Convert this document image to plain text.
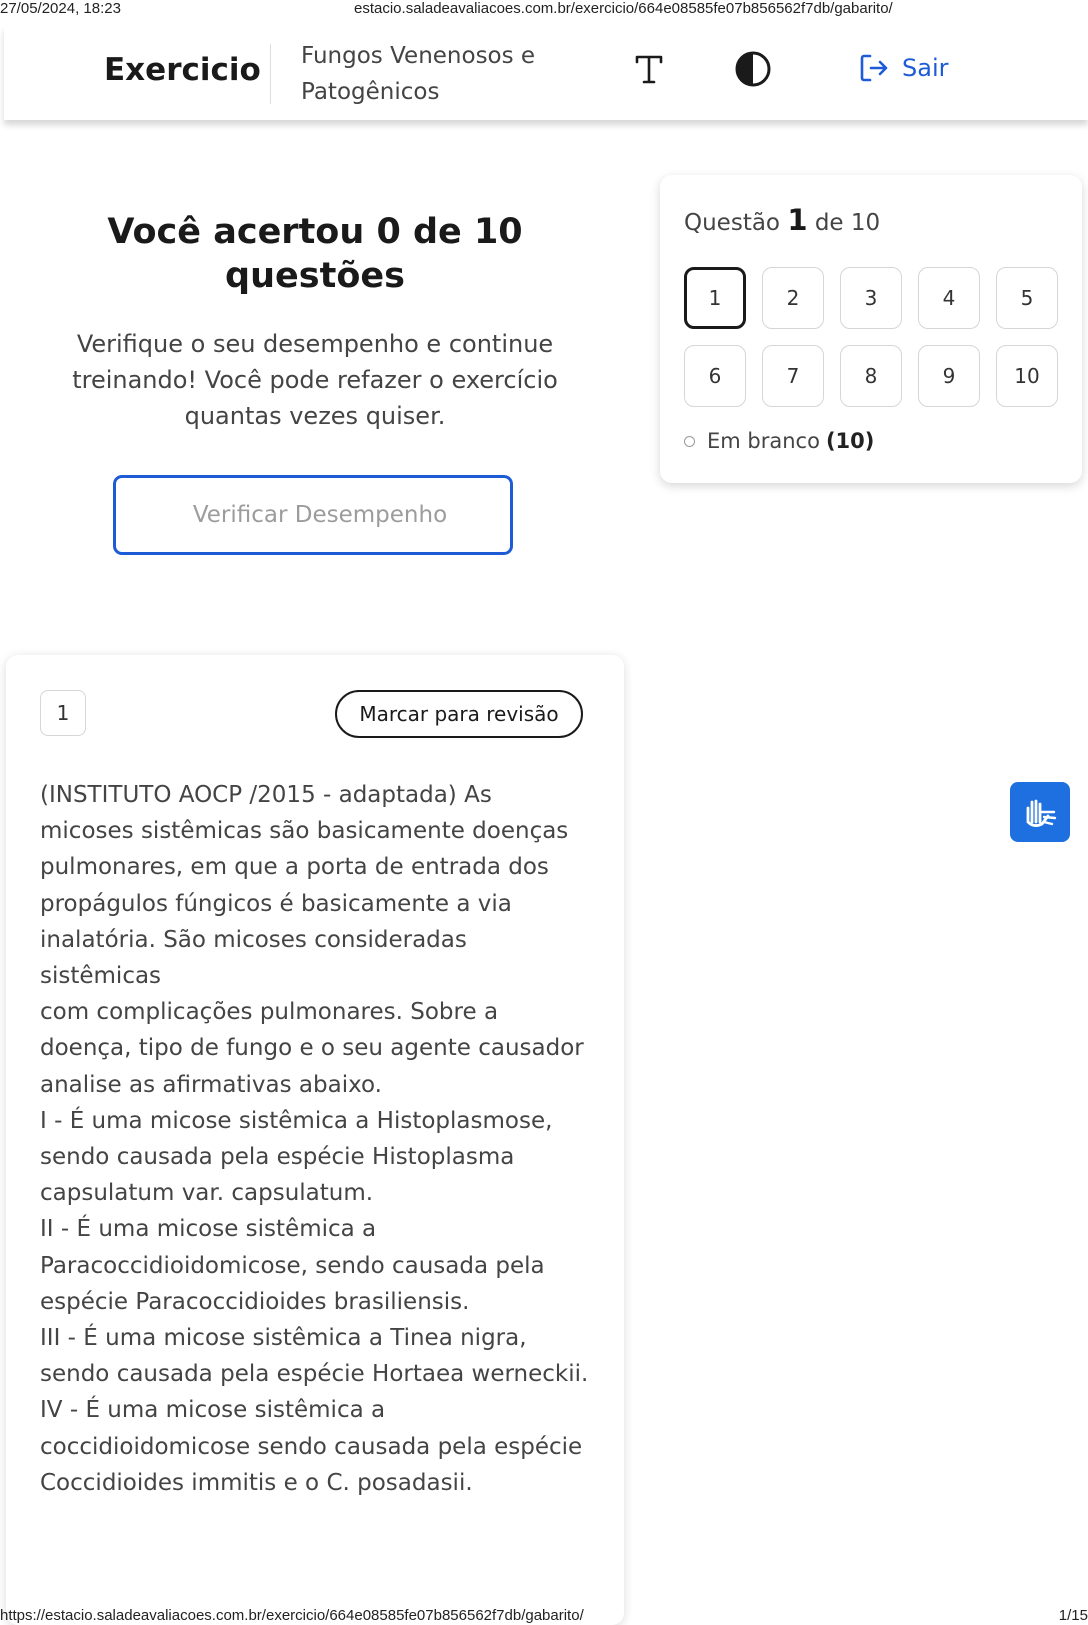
27/05/2024, 18:23	estacio.saladeavaliacoes.com.br/exercicio/664e08585fe07b856562f7db/gabarito/
Exercicio Fungos Venenosos e
Patogênicos
Sair
Você acertou 0 de 10
questões

Verifique o seu desempenho e continue
treinando! Você pode refazer o exercício
quantas vezes quiser.

Verificar Desempenho
Questão 1 de 10
1	2	3	4	5
6	7	8	9	10
Em branco (10)
1	Marcar para revisão
(INSTITUTO AOCP /2015 - adaptada) As
micoses sistêmicas são basicamente doenças
pulmonares, em que a porta de entrada dos
propágulos fúngicos é basicamente a via
inalatória. São micoses consideradas sistêmicas
com complicações pulmonares. Sobre a
doença, tipo de fungo e o seu agente causador
analise as afirmativas abaixo.
I - É uma micose sistêmica a Histoplasmose,
sendo causada pela espécie Histoplasma
capsulatum var. capsulatum.
II - É uma micose sistêmica a
Paracoccidioidomicose, sendo causada pela
espécie Paracoccidioides brasiliensis.
III - É uma micose sistêmica a Tinea nigra,
sendo causada pela espécie Hortaea werneckii.
IV - É uma micose sistêmica a
coccidioidomicose sendo causada pela espécie
Coccidioides immitis e o C. posadasii.
https://estacio.saladeavaliacoes.com.br/exercicio/664e08585fe07b856562f7db/gabarito/	1/15
